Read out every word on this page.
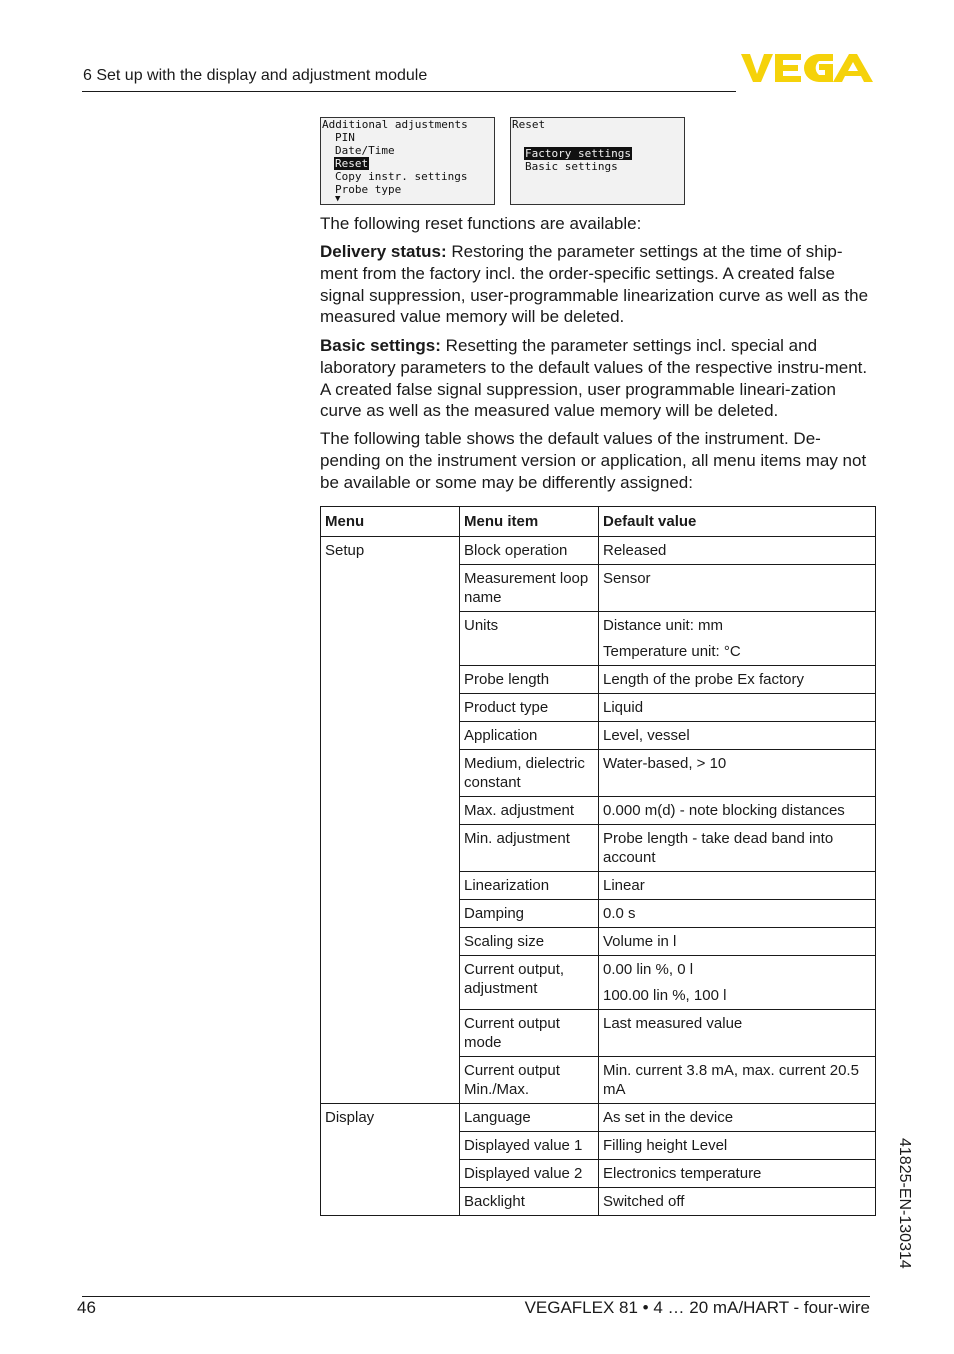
6 Set up with the display and adjustment module
Additional adjustments
PIN
Date/Time
Reset
Copy instr. settings
Probe type
▼
Reset
Factory settings
Basic settings

The following reset functions are available:

Delivery status: Restoring the parameter settings at the time of ship-ment from the factory incl. the order-specific settings. A created false signal suppression, user-programmable linearization curve as well as the measured value memory will be deleted.

Basic settings: Resetting the parameter settings incl. special and laboratory parameters to the default values of the respective instru-ment. A created false signal suppression, user programmable lineari-zation curve as well as the measured value memory will be deleted.

The following table shows the default values of the instrument. De-pending on the instrument version or application, all menu items may not be available or some may be differently assigned:

Menu	Menu item	Default value
Setup	Block operation	Released

	Measurement loop name	Sensor

	Units	Distance unit: mm
Temperature unit: °C

	Probe length	Length of the probe Ex factory

	Product type	Liquid

	Application	Level, vessel

	Medium, dielectric constant	Water-based, > 10

	Max. adjustment	0.000 m(d) - note blocking distances

	Min. adjustment	Probe length - take dead band into account

	Linearization	Linear

	Damping	0.0 s

	Scaling size	Volume in l

	Current output, adjustment	0.00 lin %, 0 l
100.00 lin %, 100 l

	Current output mode	Last measured value

	Current output Min./Max.	Min. current 3.8 mA, max. current 20.5 mA

Display	Language	As set in the device

	Displayed value 1	Filling height Level

	Displayed value 2	Electronics temperature

	Backlight	Switched off	41825-EN-130314
46	VEGAFLEX 81 • 4 … 20 mA/HART - four-wire
